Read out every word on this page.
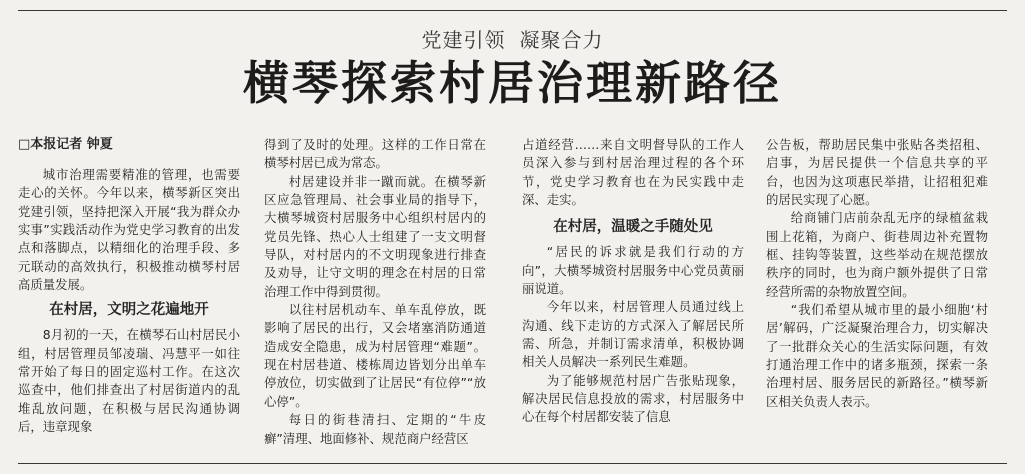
党建引领 凝聚合力
横琴探索村居治理新路径
□本报记者 钟夏

城市治理需要精准的管理，也需要走心的关怀。今年以来，横琴新区突出党建引领，坚持把深入开展“我为群众办实事”实践活动作为党史学习教育的出发点和落脚点，以精细化的治理手段、多元联动的高效执行，积极推动横琴村居高质量发展。

在村居，文明之花遍地开

8月初的一天，在横琴石山村居民小组，村居管理员邹凌瑞、冯慧平一如往常开始了每日的固定巡村工作。在这次巡查中，他们排查出了村居街道内的乱堆乱放问题，在积极与居民沟通协调后，违章现象

得到了及时的处理。这样的工作日常在横琴村居已成为常态。

村居建设并非一蹴而就。在横琴新区应急管理局、社会事业局的指导下，大横琴城资村居服务中心组织村居内的党员先锋、热心人士组建了一支文明督导队，对村居内的不文明现象进行排查及劝导，让守文明的理念在村居的日常治理工作中得到贯彻。

以往村居机动车、单车乱停放，既影响了居民的出行，又会堵塞消防通道造成安全隐患，成为村居管理“难题”。现在村居巷道、楼栋周边皆划分出单车停放位，切实做到了让居民“有位停”“放心停”。

每日的街巷清扫、定期的“牛皮癣”清理、地面修补、规范商户经营区

占道经营……来自文明督导队的工作人员深入参与到村居治理过程的各个环节，党史学习教育也在为民实践中走深、走实。

在村居，温暖之手随处见

“居民的诉求就是我们行动的方向”，大横琴城资村居服务中心党员黄丽丽说道。

今年以来，村居管理人员通过线上沟通、线下走访的方式深入了解居民所需、所急，并制订需求清单，积极协调相关人员解决一系列民生难题。

为了能够规范村居广告张贴现象，解决居民信息投放的需求，村居服务中心在每个村居都安装了信息

公告板，帮助居民集中张贴各类招租、启事，为居民提供一个信息共享的平台，也因为这项惠民举措，让招租犯难的居民实现了心愿。

给商铺门店前杂乱无序的绿植盆栽围上花箱，为商户、街巷周边补充置物框、挂钩等装置，这些举动在规范摆放秩序的同时，也为商户额外提供了日常经营所需的杂物放置空间。

“我们希望从城市里的最小细胞‘村居’解码，广泛凝聚治理合力，切实解决了一批群众关心的生活实际问题，有效打通治理工作中的诸多瓶颈，探索一条治理村居、服务居民的新路径。”横琴新区相关负责人表示。
